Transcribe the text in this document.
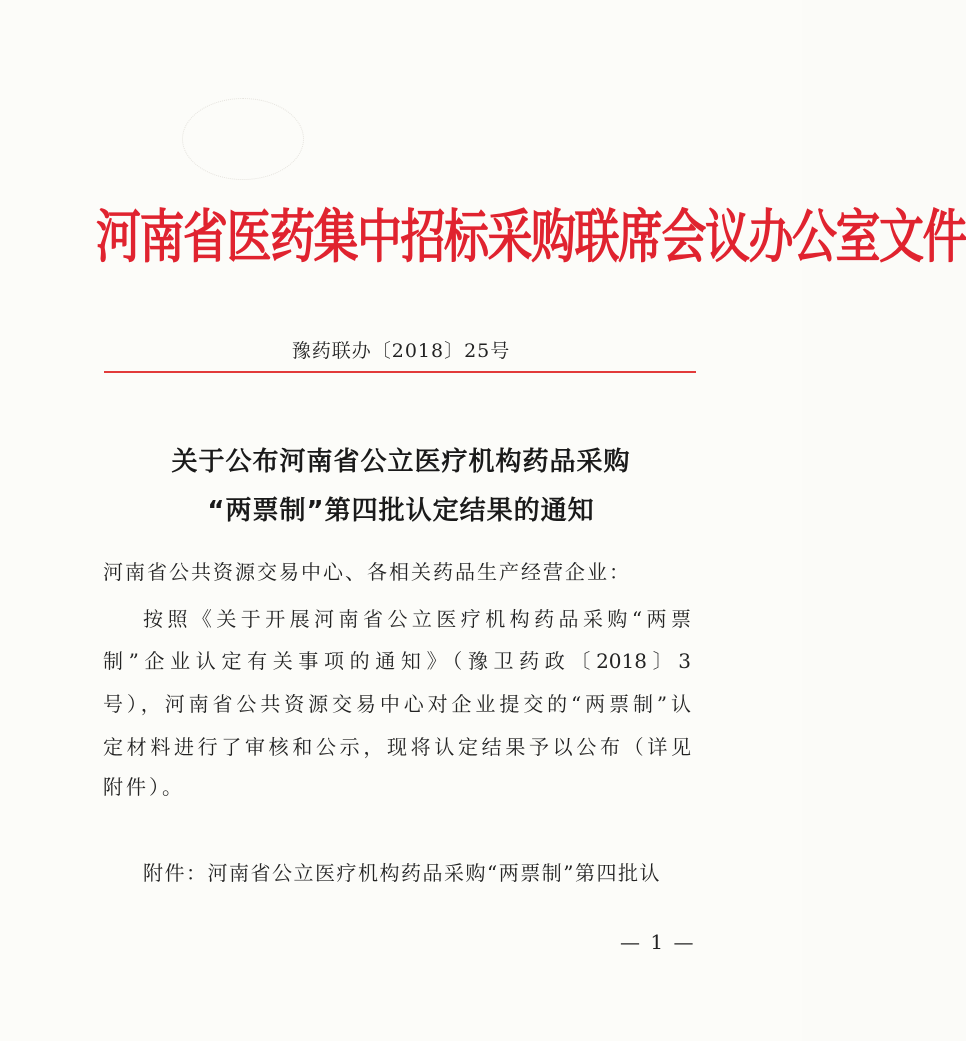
河南省医药集中招标采购联席会议办公室文件
豫药联办〔2018〕25号
关于公布河南省公立医疗机构药品采购
“两票制”第四批认定结果的通知
河南省公共资源交易中心、各相关药品生产经营企业：
按照《关于开展河南省公立医疗机构药品采购“两票
制”企业认定有关事项的通知》（豫卫药政〔2018〕3
号），河南省公共资源交易中心对企业提交的“两票制”认
定材料进行了审核和公示，现将认定结果予以公布（详见
附件）。
附件：河南省公立医疗机构药品采购“两票制”第四批认
— 1 —
